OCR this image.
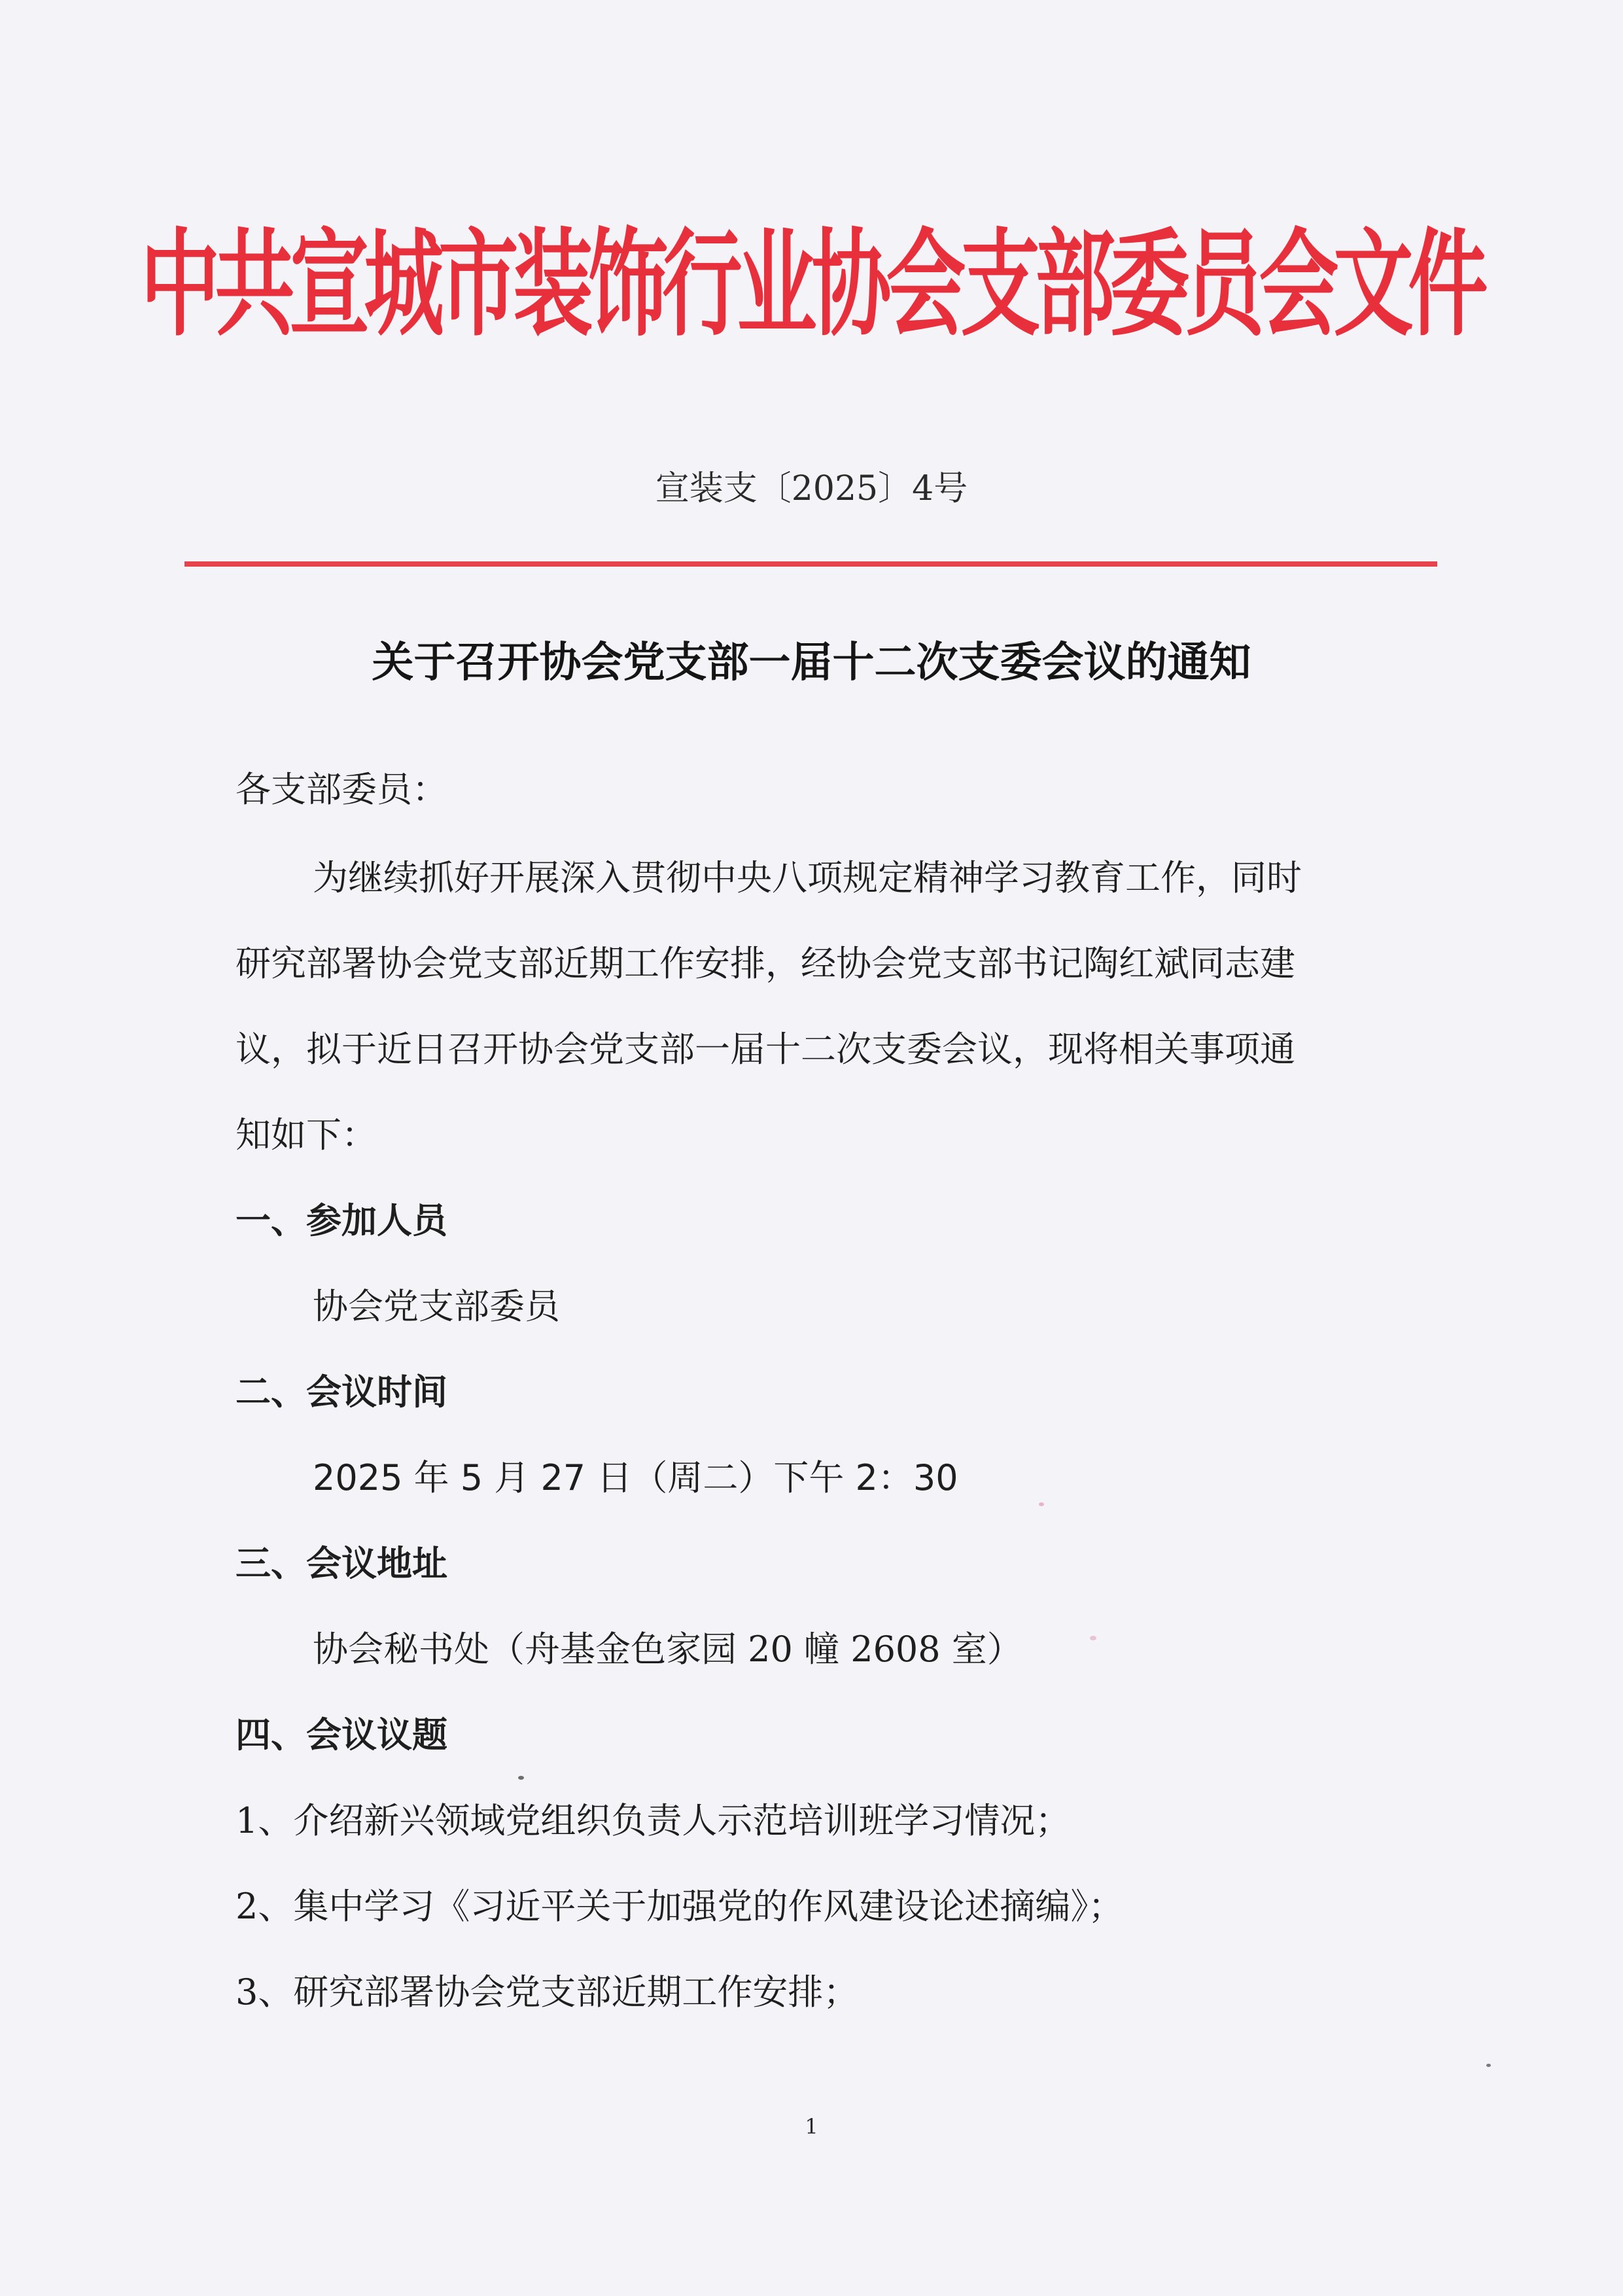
中共宣城市装饰行业协会支部委员会文件
宣装支〔2025〕4号
关于召开协会党支部一届十二次支委会议的通知
各支部委员：
为继续抓好开展深入贯彻中央八项规定精神学习教育工作，同时
研究部署协会党支部近期工作安排，经协会党支部书记陶红斌同志建
议，拟于近日召开协会党支部一届十二次支委会议，现将相关事项通
知如下：
一、参加人员
协会党支部委员
二、会议时间
2025 年 5 月 27 日（周二）下午 2：30
三、会议地址
协会秘书处（舟基金色家园 20 幢 2608 室）
四、会议议题
1、介绍新兴领域党组织负责人示范培训班学习情况；
2、集中学习《习近平关于加强党的作风建设论述摘编》；
3、研究部署协会党支部近期工作安排；
1
